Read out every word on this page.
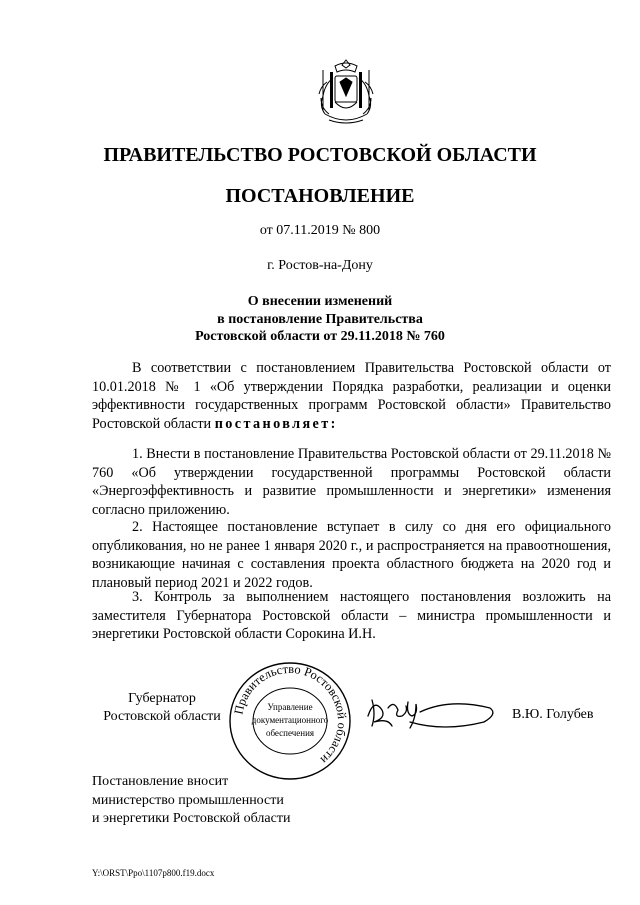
ПРАВИТЕЛЬСТВО РОСТОВСКОЙ ОБЛАСТИ
ПОСТАНОВЛЕНИЕ
от 07.11.2019 № 800
г. Ростов-на-Дону
О внесении изменений
в постановление Правительства
Ростовской области от 29.11.2018 № 760
В соответствии с постановлением Правительства Ростовской области от 10.01.2018 № 1 «Об утверждении Порядка разработки, реализации и оценки эффективности государственных программ Ростовской области» Правительство Ростовской области постановляет:
1. Внести в постановление Правительства Ростовской области от 29.11.2018 № 760 «Об утверждении государственной программы Ростовской области «Энергоэффективность и развитие промышленности и энергетики» изменения согласно приложению.
2. Настоящее постановление вступает в силу со дня его официального опубликования, но не ранее 1 января 2020 г., и распространяется на правоотношения, возникающие начиная с составления проекта областного бюджета на 2020 год и плановый период 2021 и 2022 годов.
3. Контроль за выполнением настоящего постановления возложить на заместителя Губернатора Ростовской области – министра промышленности и энергетики Ростовской области Сорокина И.Н.
Губернатор
Ростовской области Правительство Ростовской области
Управление
документационного
обеспечения
В.Ю. Голубев
Постановление вносит
министерство промышленности
и энергетики Ростовской области
Y:\ORST\Ppo\1107p800.f19.docx
